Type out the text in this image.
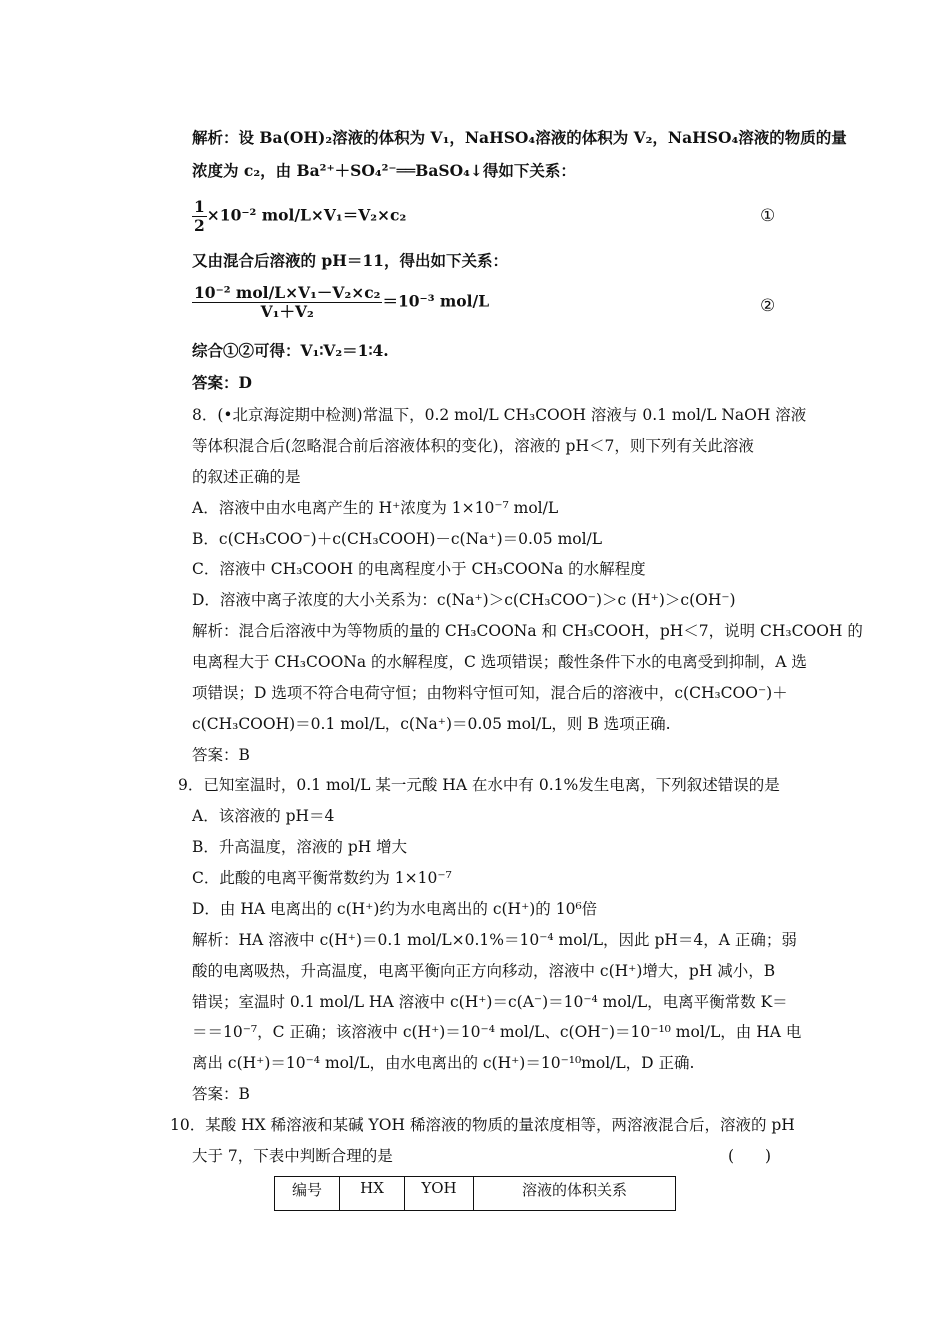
解析：设 Ba(OH)₂溶液的体积为 V₁，NaHSO₄溶液的体积为 V₂，NaHSO₄溶液的物质的量
浓度为 c₂，由 Ba²⁺＋SO₄²⁻══BaSO₄↓得如下关系：
$\frac{1}{2} \times 10^{-2}$ mol/L×V₁＝V₂×c₂	①
又由混合后溶液的 pH＝11，得出如下关系：
$\frac{\text{10⁻² mol/L×V₁－V₂×c₂}}{\text{V₁＋V₂}} =10^{-3}$ mol/L	②
综合①②可得：V₁∶V₂＝1∶4.
答案：D
8．(•北京海淀期中检测)常温下，0.2 mol/L CH₃COOH 溶液与 0.1 mol/L NaOH 溶液
等体积混合后(忽略混合前后溶液体积的变化)，溶液的 pH＜7，则下列有关此溶液
的叙述正确的是
A．溶液中由水电离产生的 H⁺浓度为 1×10⁻⁷ mol/L
B．c(CH₃COO⁻)＋c(CH₃COOH)－c(Na⁺)＝0.05 mol/L
C．溶液中 CH₃COOH 的电离程度小于 CH₃COONa 的水解程度
D．溶液中离子浓度的大小关系为：c(Na⁺)＞c(CH₃COO⁻)＞c (H⁺)＞c(OH⁻)
解析：混合后溶液中为等物质的量的 CH₃COONa 和 CH₃COOH，pH＜7，说明 CH₃COOH 的
电离程大于 CH₃COONa 的水解程度，C 选项错误；酸性条件下水的电离受到抑制，A 选
项错误；D 选项不符合电荷守恒；由物料守恒可知，混合后的溶液中，c(CH₃COO⁻)＋
c(CH₃COOH)＝0.1 mol/L，c(Na⁺)＝0.05 mol/L，则 B 选项正确.
答案：B
9．已知室温时，0.1 mol/L 某一元酸 HA 在水中有 0.1%发生电离，下列叙述错误的是
A．该溶液的 pH＝4
B．升高温度，溶液的 pH 增大
C．此酸的电离平衡常数约为 1×10⁻⁷
D．由 HA 电离出的 c(H⁺)约为水电离出的 c(H⁺)的 10⁶倍
解析：HA 溶液中 c(H⁺)＝0.1 mol/L×0.1%＝10⁻⁴ mol/L，因此 pH＝4，A 正确；弱
酸的电离吸热，升高温度，电离平衡向正方向移动，溶液中 c(H⁺)增大，pH 减小，B
错误；室温时 0.1 mol/L HA 溶液中 c(H⁺)＝c(A⁻)＝10⁻⁴ mol/L，电离平衡常数 K＝
＝＝10⁻⁷，C 正确；该溶液中 c(H⁺)＝10⁻⁴ mol/L、c(OH⁻)＝10⁻¹⁰ mol/L，由 HA 电
离出 c(H⁺)＝10⁻⁴ mol/L，由水电离出的 c(H⁺)＝10⁻¹⁰mol/L，D 正确.
答案：B
10．某酸 HX 稀溶液和某碱 YOH 稀溶液的物质的量浓度相等，两溶液混合后，溶液的 pH
大于 7，下表中判断合理的是	(　　)
编号	HX	YOH	溶液的体积关系
